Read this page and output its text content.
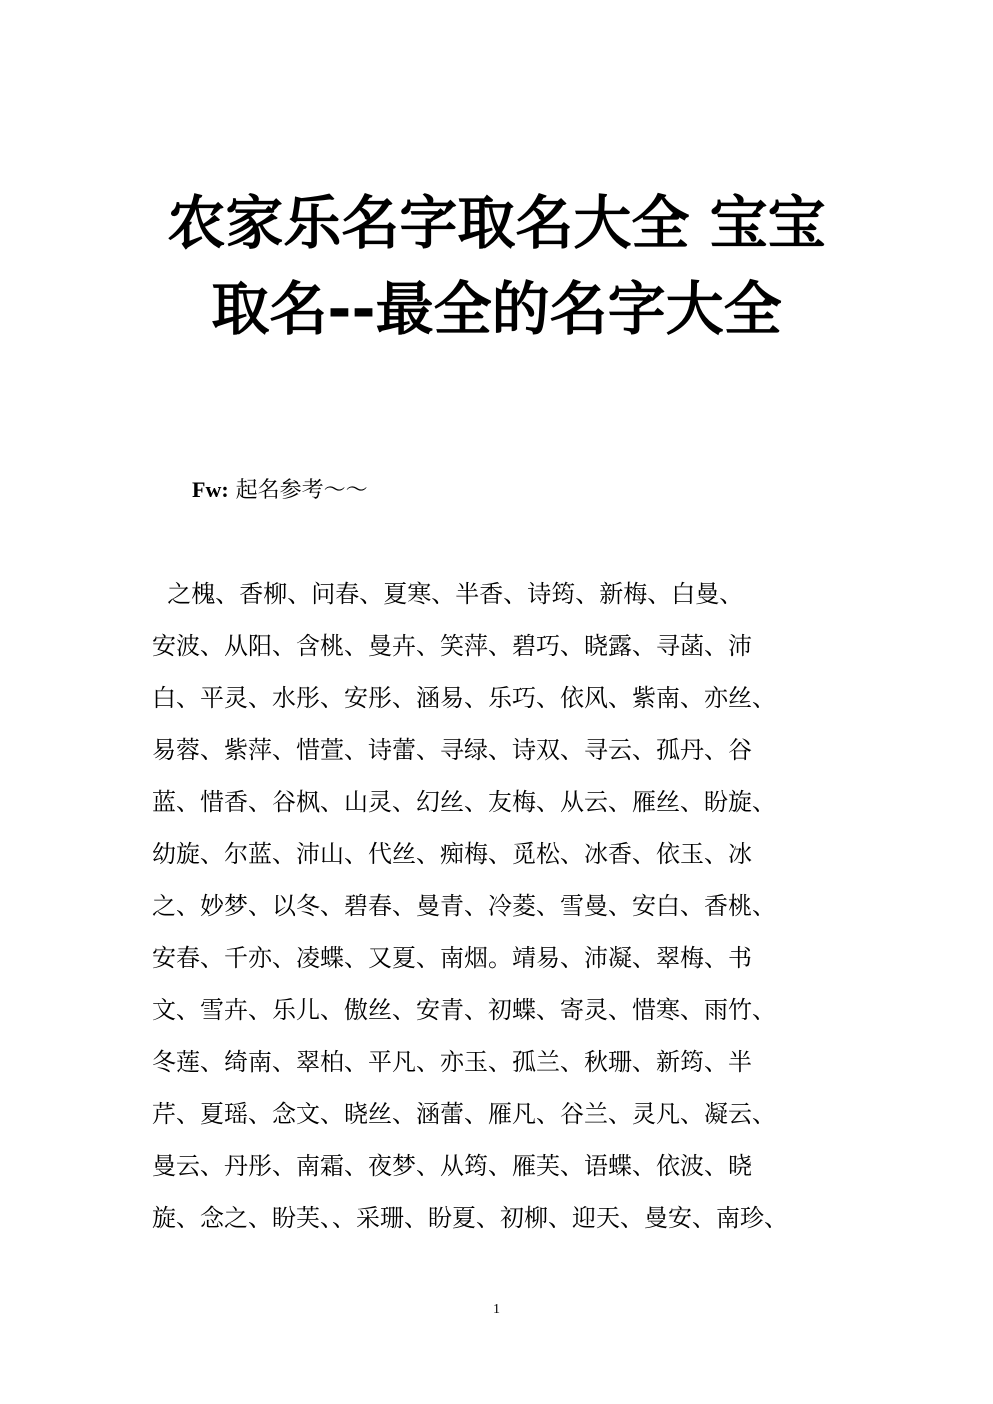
农家乐名字取名大全 宝宝
取名--最全的名字大全
Fw: 起名参考～～
之槐、香柳、问春、夏寒、半香、诗筠、新梅、白曼、
安波、从阳、含桃、曼卉、笑萍、碧巧、晓露、寻菡、沛
白、平灵、水彤、安彤、涵易、乐巧、依风、紫南、亦丝、
易蓉、紫萍、惜萱、诗蕾、寻绿、诗双、寻云、孤丹、谷
蓝、惜香、谷枫、山灵、幻丝、友梅、从云、雁丝、盼旋、
幼旋、尔蓝、沛山、代丝、痴梅、觅松、冰香、依玉、冰
之、妙梦、以冬、碧春、曼青、冷菱、雪曼、安白、香桃、
安春、千亦、凌蝶、又夏、南烟。靖易、沛凝、翠梅、书
文、雪卉、乐儿、傲丝、安青、初蝶、寄灵、惜寒、雨竹、
冬莲、绮南、翠柏、平凡、亦玉、孤兰、秋珊、新筠、半
芹、夏瑶、念文、晓丝、涵蕾、雁凡、谷兰、灵凡、凝云、
曼云、丹彤、南霜、夜梦、从筠、雁芙、语蝶、依波、晓
旋、念之、盼芙、、采珊、盼夏、初柳、迎天、曼安、南珍、
1
